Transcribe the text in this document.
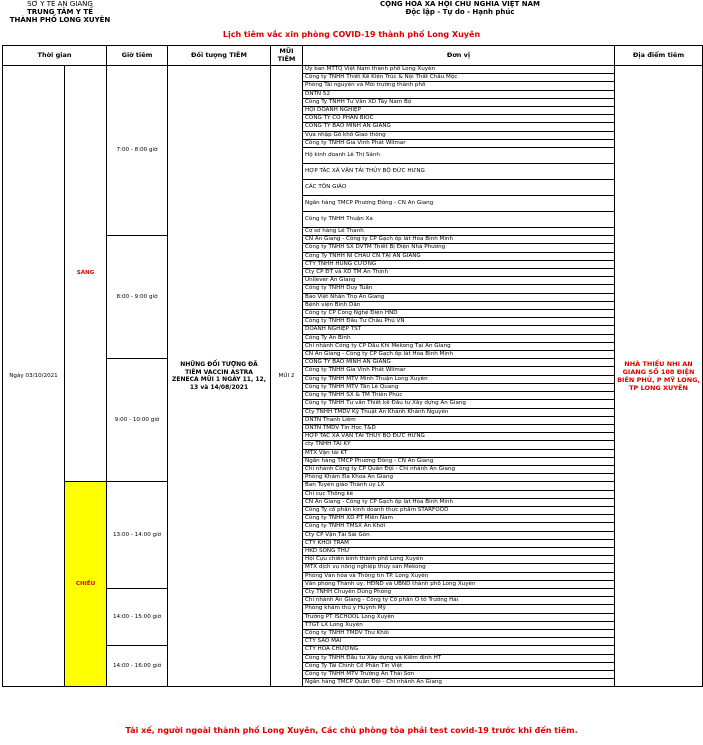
SỞ Y TẾ AN GIANG
TRUNG TÂM Y TẾ
THÀNH PHỐ LONG XUYÊN
CỘNG HOÀ XÃ HỘI CHỦ NGHĨA VIỆT NAM
Độc lập - Tự do - Hạnh phúc
Lịch tiêm vắc xin phòng COVID-19 thành phố Long Xuyên
Thời gian		Giờ tiêm	Đối tượng TIÊM	MŨI TIÊM	Đơn vị	Địa điểm tiêm
Ngày 03/10/2021	SÁNG	7:00 - 8:00 giờ	NHỮNG ĐỐI TƯỢNG ĐÃ TIÊM VACCIN ASTRA ZENECA MŨI 1 NGÀY 11, 12, 13 và 14/08/2021	MŨI 2	Uỷ ban MTTQ Việt Nam thành phố Long Xuyên	NHÀ THIẾU NHI AN GIANG SỐ 108 ĐIỆN BIÊN PHỦ, P MỸ LONG, TP LONG XUYÊN
					Công ty TNHH Thiết Kế Kiến Trúc & Nội Thất Châu Mộc	
					Phòng Tài nguyên và Môi trường thành phố	
					DNTN 52	
					Công Ty TNHH Tư Vấn XD Tây Nam Bộ	
					HỘI DOANH NGHIỆP	
					CÔNG TY CỔ PHẦN BIOC	
					CÔNG TY BẢO MINH AN GIANG	
					Vựa nhập Gỗ khổ Giao thông	
					Công ty TNHH Gia Vinh Phát Wilmar	
					Hộ kinh doanh Lê Thị Sánh	
					HỢP TÁC XÃ VẬN TẢI THỦY BỘ ĐỨC HƯNG	
					CÁC TÔN GIÁO	
					Ngân hàng TMCP Phương Đông - CN An Giang	
					Công ty TNHH Thuận Xa	
					Cơ sở hàng Lê Thanh	
		8:00 - 9:00 giờ			CN An Giang - Công ty CP Gạch ốp lát Hòa Bình Minh	
					Công ty TNHH SX DVTM Thiết Bị Điện Nhà Phương	
					Công Ty TNHH NỈ CHÂU CN TẠI AN GIANG	
					CTY TNHH HÙNG CƯỜNG	
					Cty CP ĐT và XD TM Ân Thịnh	
					Unilever An Giang	
					Công ty TNHH Duy Tuấn	
					Bảo Việt Nhân Thọ An Giang	
					Bệnh viện Bình Dân	
					Công ty CP Công Nghệ Điện HND	
					Công ty TNHH Đầu Tư Châu Phú VN	
					DOANH NGHIỆP TST	
					Công Ty An Bình	
					Chi nhánh Công ty CP Dầu Khí Mekong Tại An Giang	
					CN An Giang - Công ty CP Gạch ốp lát Hòa Bình Minh	
		9:00 - 10:00 giờ			CÔNG TY BẢO MINH AN GIANG	
					Công ty TNHH Gia Vinh Phát Wilmar	
					Công ty TNHH MTV Minh Thuận Long Xuyên	
					Công ty TNHH MTV Tân Lê Quang	
					Công ty TNHH SX & TM Thiên Phúc	
					Công ty TNHH Tư vấn Thiết kế Đầu tư Xây dựng An Giang	
					Cty TNHH TMDV Kỹ Thuật An Khánh Khánh Nguyên	
					DNTN Thanh Liêm	
					DNTN TMDV Tín Học T&D	
					HỢP TÁC XÃ VẬN TẢI THỦY BỘ ĐỨC HƯNG	
					cty TNHH TÀI KỲ	
					MTX Vận tải KT	
					Ngân hàng TMCP Phương Đông - CN An Giang	
					Chi nhánh Công ty CP Quân Đội - Chi nhánh An Giang	
					Phòng Khám Đa Khoa An Giang	
	CHIỀU	13:00 - 14:00 giờ			Ban Tuyên giáo Thành ủy LX	
					Chi cục Thống kê	
					CN An Giang - Công ty CP Gạch ốp lát Hòa Bình Minh	
					Công Ty cổ phần kinh doanh thực phẩm STARFOOD	
					Công ty TNHH XD PT Miền Nam	
					Công ty TNHH TMSX An Khởi	
					Cty CP Vận Tải Sài Gòn	
					CTY KHÔI TRÂM	
					HKD SONG THƯ	
					Hội Cựu chiến binh thành phố Long Xuyên	
					MTX dịch vụ nông nghiệp thủy sản Mekong	
					Phòng Văn hóa và Thông tin TP. Long Xuyên	
					Văn phòng Thành ủy, HĐND và UBND thành phố Long Xuyên	
		14:00 - 15:00 giờ			Cty TNHH Chuyên Dùng Phòng	
					Chi nhánh An Giang - Công ty Cổ phần Ô tô Trường Hải	
					Phòng khám thú y Huỳnh Mỹ	
					Trường PT ISCHOOL Long Xuyên	
					TTGT LX Long Xuyên	
					Công ty TNHH TMDV Thư Khôi	
					CTY SAO MAI	
		14:00 - 16:00 giờ			CTY HÒA CHƯƠNG	
					Công ty TNHH Đầu tư Xây dựng và Kiểm định HT	
					Công Ty Tài Chính Cổ Phần Tín Việt	
					Công ty TNHH MTV Trường An Thái Sơn	
					Ngân hàng TMCP Quân Đội - Chi nhánh An Giang	
Tài xế, người ngoài thành phố Long Xuyên, Các chủ phòng tỏa phải test covid-19 trước khi đến tiêm.
